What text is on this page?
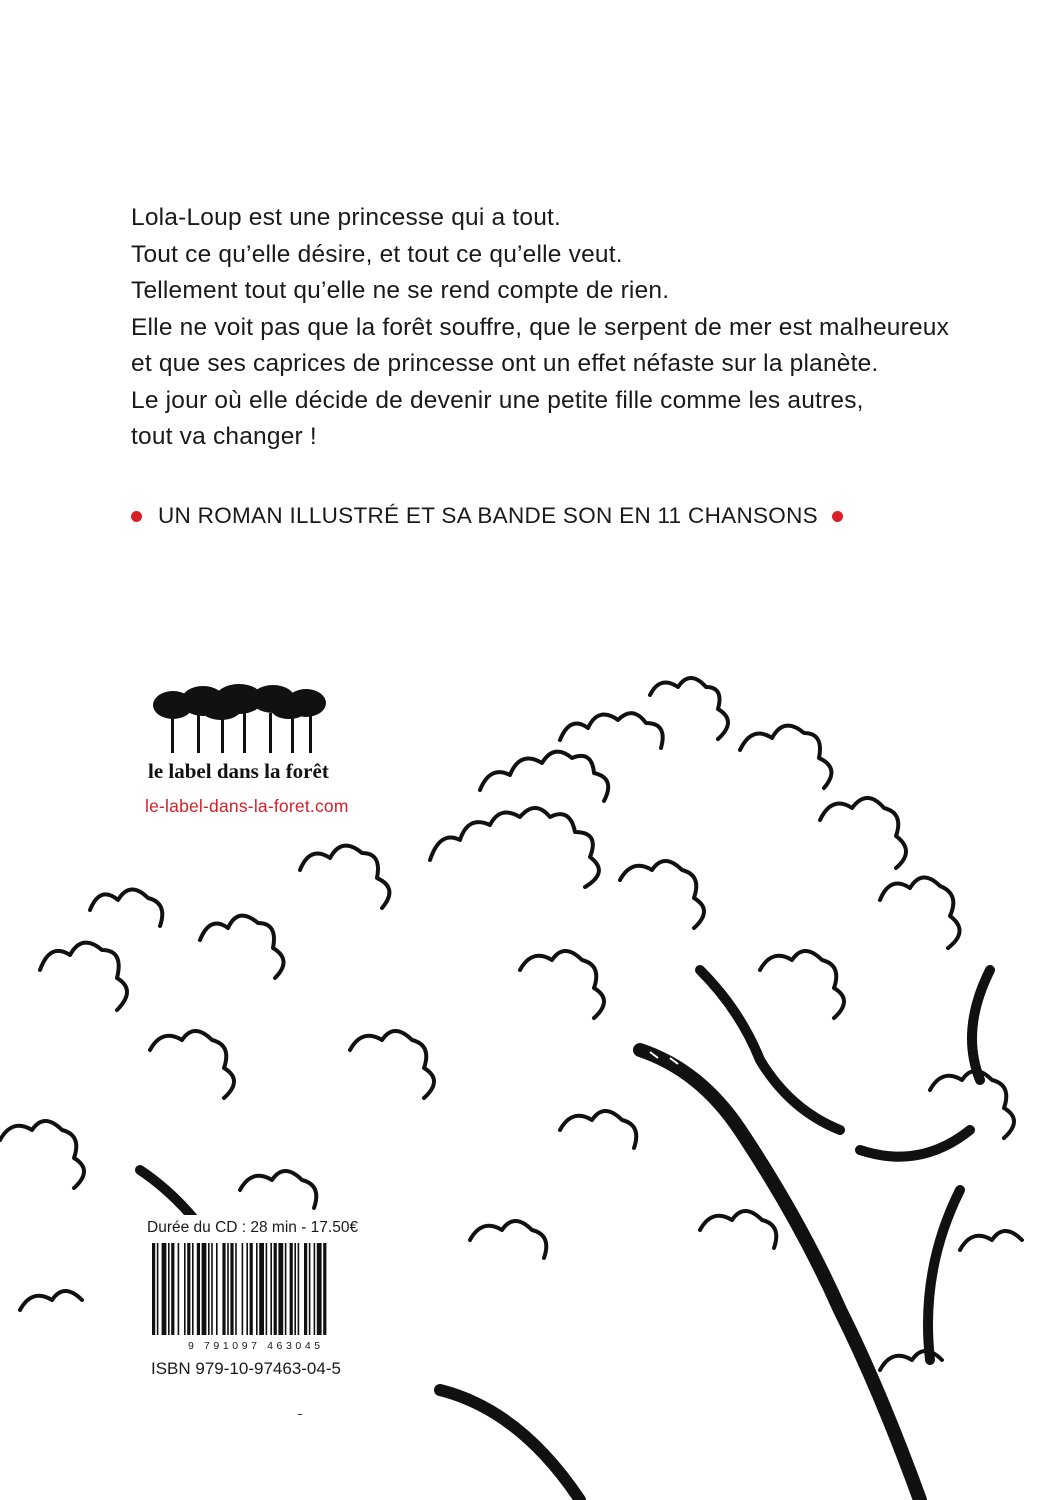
Lola-Loup est une princesse qui a tout.

Tout ce qu’elle désire, et tout ce qu’elle veut.

Tellement tout qu’elle ne se rend compte de rien.

Elle ne voit pas que la forêt souffre, que le serpent de mer est malheureux

et que ses caprices de princesse ont un effet néfaste sur la planète.

Le jour où elle décide de devenir une petite fille comme les autres,

tout va changer !

UN ROMAN ILLUSTRÉ ET SA BANDE SON EN 11 CHANSONS
le label dans la forêt
le-label-dans-la-foret.com
Durée du CD : 28 min - 17.50€
9 791097 463045
ISBN 979-10-97463-04-5
